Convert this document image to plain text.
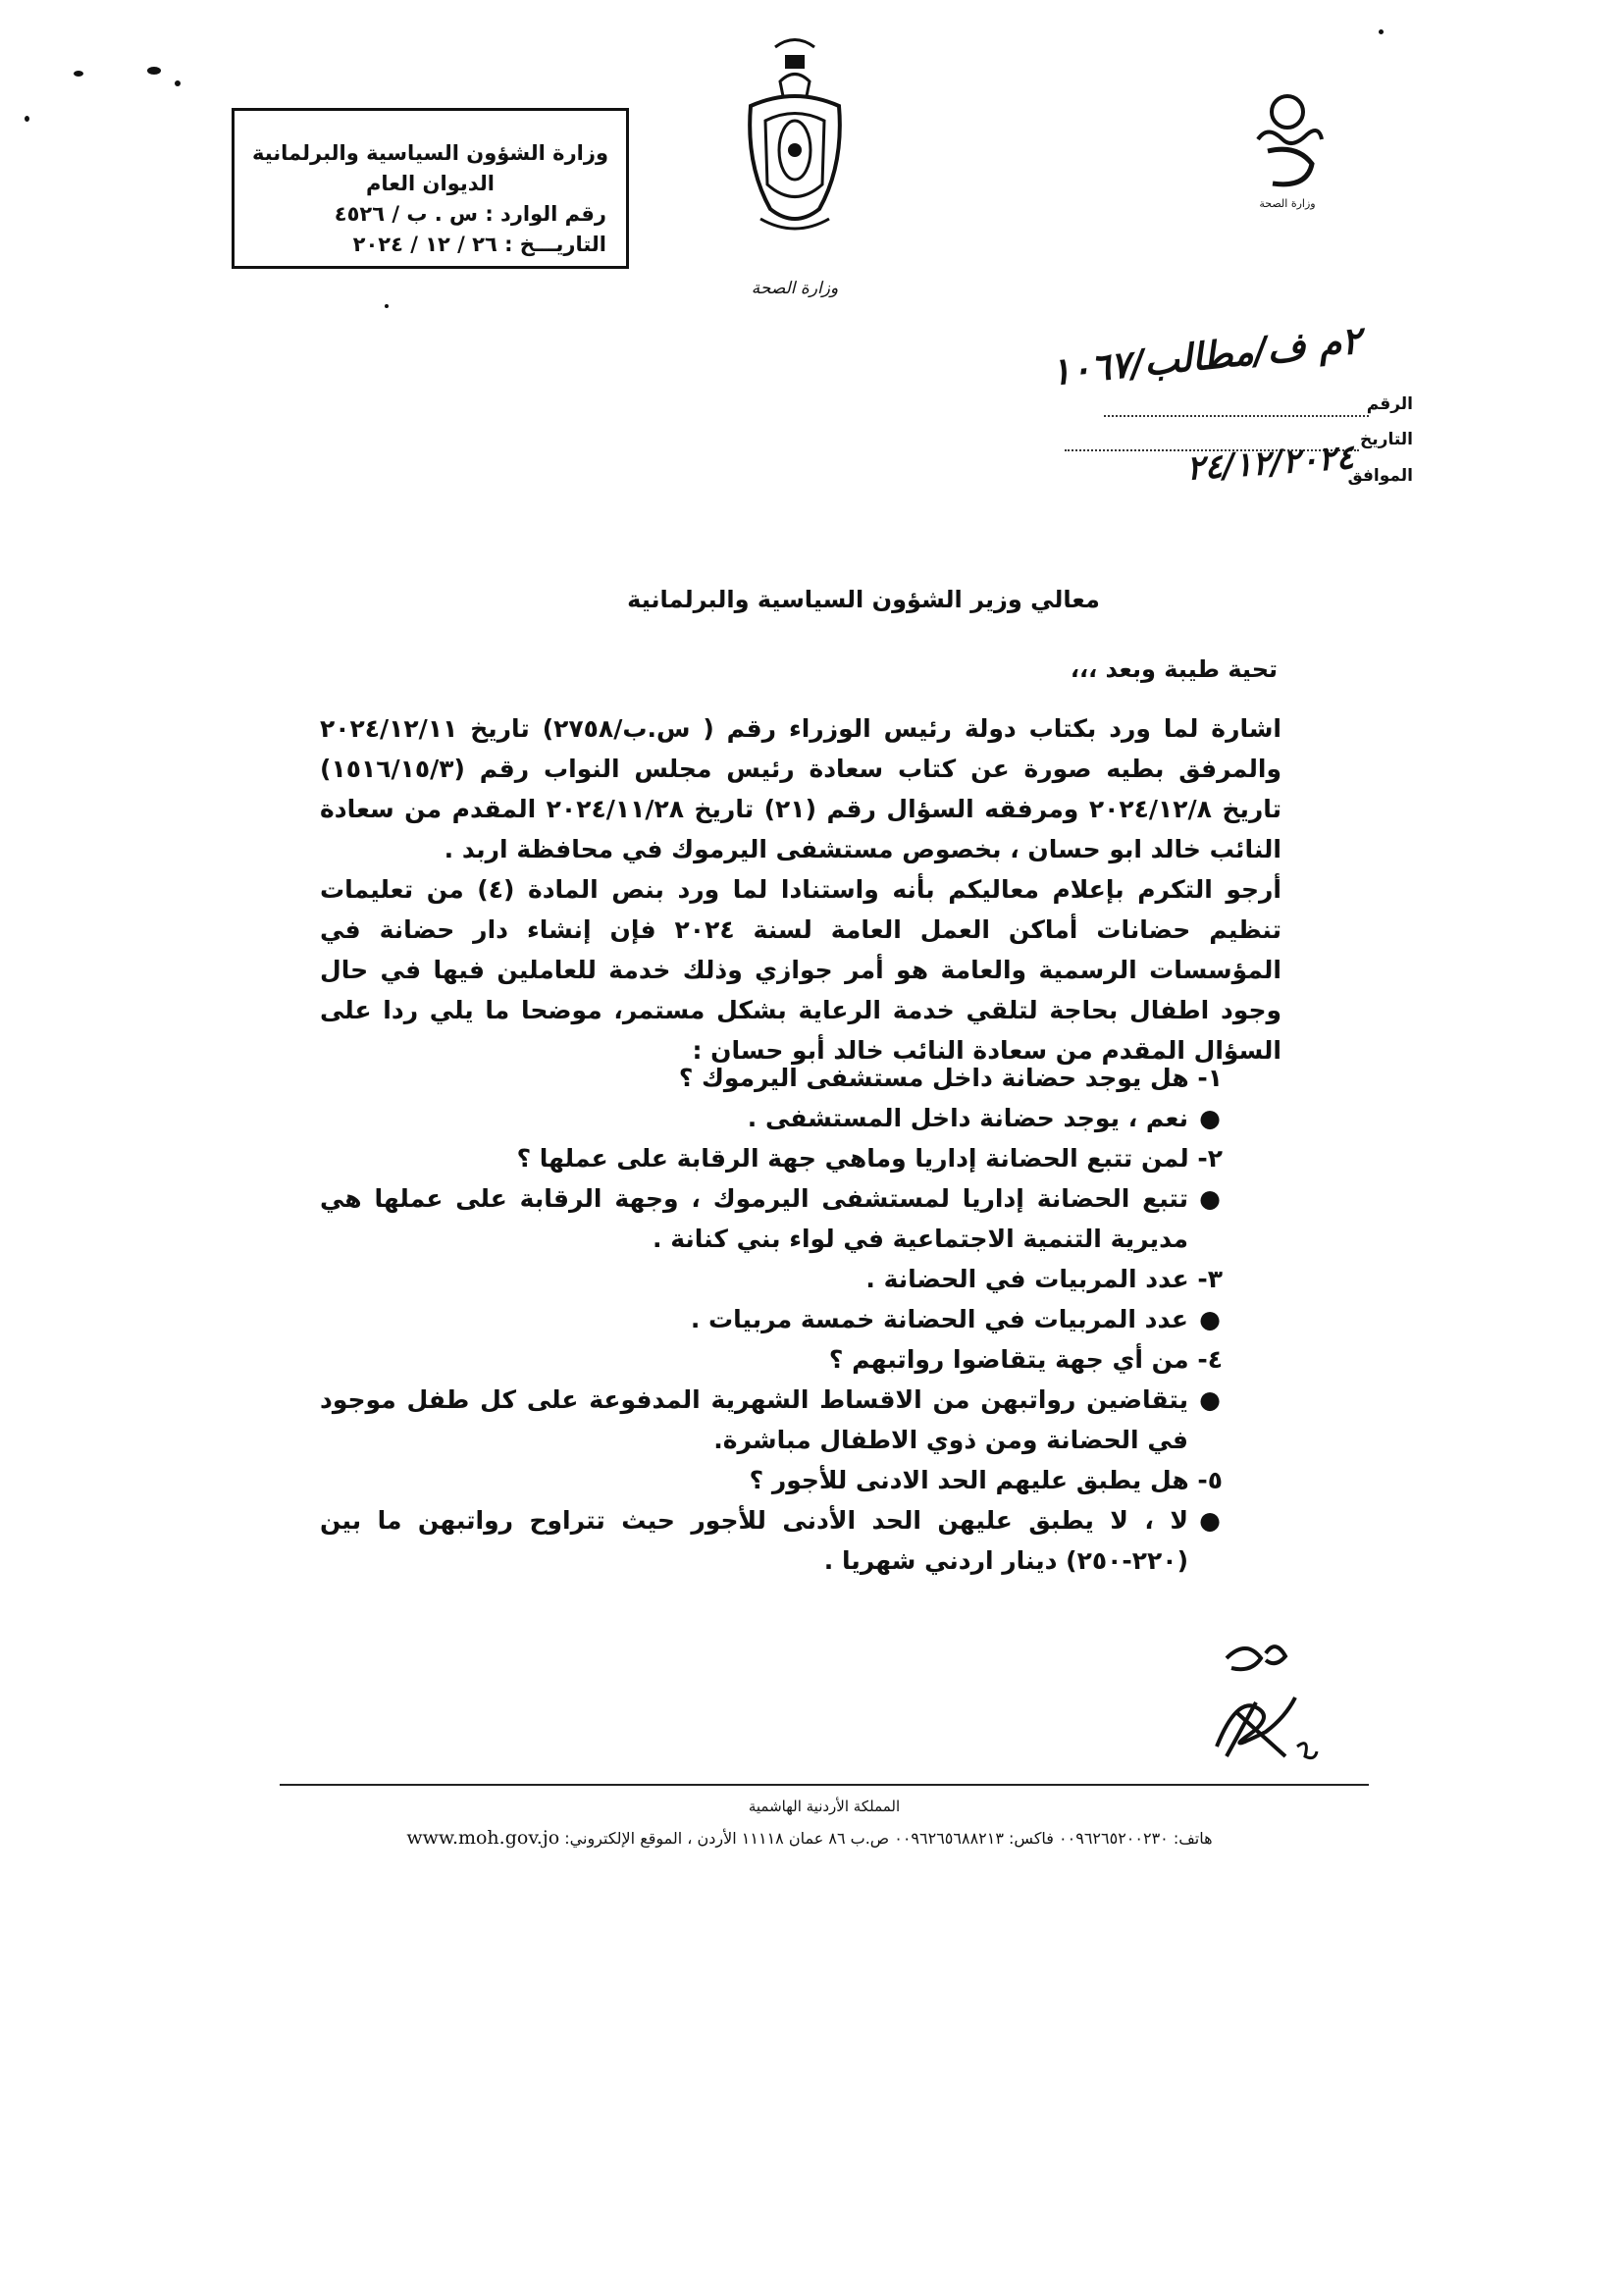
وزارة الشؤون السياسية والبرلمانية
الديوان العام
رقم الوارد : س . ب / ٤٥٢٦
التاريـــخ : ٢٦ / ١٢ / ٢٠٢٤
وزارة الصحة
وزارة الصحة
الرقم
٢م ف/مطالب/١٠٦٧
التاريخ
الموافق
٢٤/١٢/٢٠٢٤
معالي وزير الشؤون السياسية والبرلمانية
تحية طيبة وبعد ،،،
اشارة لما ورد بكتاب دولة رئيس الوزراء رقم ( س.ب/٢٧٥٨) تاريخ ٢٠٢٤/١٢/١١ والمرفق بطيه صورة عن كتاب سعادة رئيس مجلس النواب رقم (١٥١٦/١٥/٣) تاريخ ٢٠٢٤/١٢/٨ ومرفقه السؤال رقم (٢١) تاريخ ٢٠٢٤/١١/٢٨ المقدم من سعادة النائب خالد ابو حسان ، بخصوص مستشفى اليرموك في محافظة اربد .
أرجو التكرم بإعلام معاليكم بأنه واستنادا لما ورد بنص المادة (٤) من تعليمات تنظيم حضانات أماكن العمل العامة لسنة ٢٠٢٤ فإن إنشاء دار حضانة في المؤسسات الرسمية والعامة هو أمر جوازي وذلك خدمة للعاملين فيها في حال وجود اطفال بحاجة لتلقي خدمة الرعاية بشكل مستمر، موضحا ما يلي ردا على السؤال المقدم من سعادة النائب خالد أبو حسان :
١- هل يوجد حضانة داخل مستشفى اليرموك ؟
●
نعم ، يوجد حضانة داخل المستشفى .
٢- لمن تتبع الحضانة إداريا وماهي جهة الرقابة على عملها ؟
●
تتبع الحضانة إداريا لمستشفى اليرموك ، وجهة الرقابة على عملها هي مديرية التنمية الاجتماعية في لواء بني كنانة .
٣- عدد المربيات في الحضانة .
●
عدد المربيات في الحضانة خمسة مربيات .
٤- من أي جهة يتقاضوا رواتبهم ؟
●
يتقاضين رواتبهن من الاقساط الشهرية المدفوعة على كل طفل موجود في الحضانة ومن ذوي الاطفال مباشرة.
٥- هل يطبق عليهم الحد الادنى للأجور ؟
●
لا ، لا يطبق عليهن الحد الأدنى للأجور حيث تتراوح رواتبهن ما بين (٢٢٠-٢٥٠) دينار اردني شهريا .
المملكة الأردنية الهاشمية
هاتف: ٠٠٩٦٢٦٥٢٠٠٢٣٠ فاكس: ٠٠٩٦٢٦٥٦٨٨٢١٣ ص.ب ٨٦ عمان ١١١١٨ الأردن ، الموقع الإلكتروني: www.moh.gov.jo
